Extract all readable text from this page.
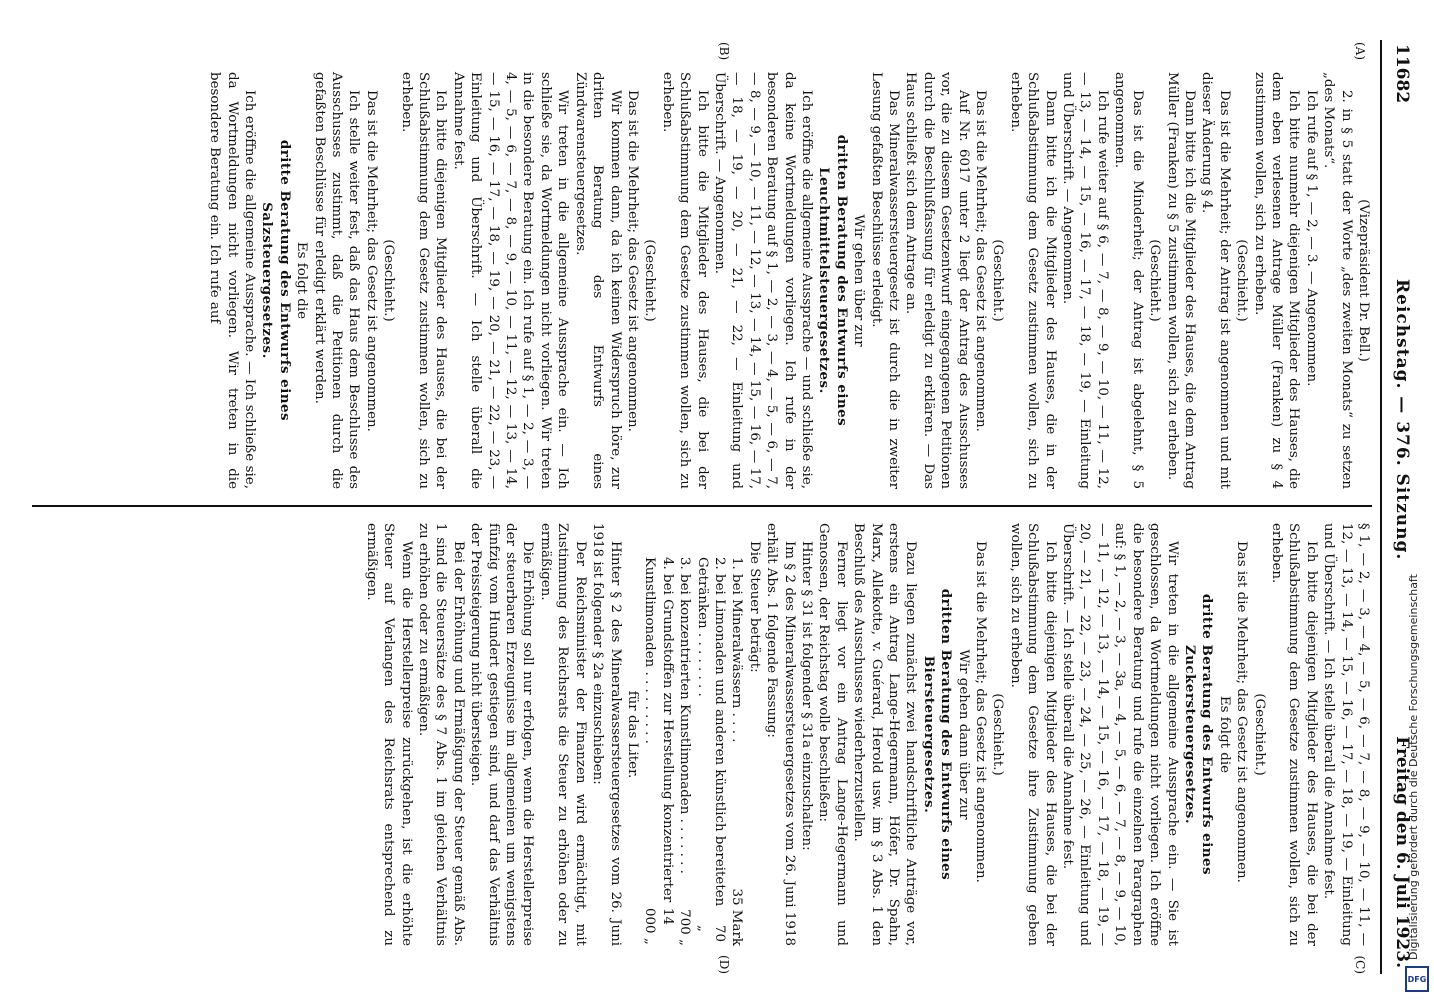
11682
Reichstag. — 376. Sitzung.
Freitag den 6. Juli 1923.
(A)
(B)

(Vizepräsident Dr. Bell.)

2. in § 5 statt der Worte „des zweiten Monats“ zu setzen „des Monats“.

Ich rufe auf § 1, — 2, — 3. — Angenommen.

Ich bitte nunmehr diejenigen Mitglieder des Hauses, die dem eben verlesenen Antrage Müller (Franken) zu § 4 zustimmen wollen, sich zu erheben.

(Geschieht.)

Das ist die Mehrheit; der Antrag ist angenommen und mit dieser Änderung § 4.

Dann bitte ich die Mitglieder des Hauses, die dem Antrag Müller (Franken) zu § 5 zustimmen wollen, sich zu erheben.

(Geschieht.)

Das ist die Minderheit; der Antrag ist abgelehnt, § 5 angenommen.

Ich rufe weiter auf § 6, — 7, — 8, — 9, — 10, — 11, — 12, — 13, — 14, — 15, — 16, — 17, — 18, — 19, — Einleitung und Überschrift. — Angenommen.

Dann bitte ich die Mitglieder des Hauses, die in der Schlußabstimmung dem Gesetz zustimmen wollen, sich zu erheben.

(Geschieht.)

Das ist die Mehrheit; das Gesetz ist angenommen.

Auf Nr. 6017 unter 2 liegt der Antrag des Ausschusses vor, die zu diesem Gesetzentwurf eingegangenen Petitionen durch die Beschlußfassung für erledigt zu erklären. — Das Haus schließt sich dem Antrage an.

Das Mineralwassersteuergesetz ist durch die in zweiter Lesung gefaßten Beschlüsse erledigt.

Wir gehen über zur

dritten Beratung des Entwurfs eines Leuchtmittelsteuergesetzes.

Ich eröffne die allgemeine Aussprache — und schließe sie, da keine Wortmeldungen vorliegen. Ich rufe in der besonderen Beratung auf § 1, — 2, — 3, — 4, — 5, — 6, — 7, — 8, — 9, — 10, — 11, — 12, — 13, — 14, — 15, — 16, — 17, — 18, — 19, — 20, — 21, — 22, — Einleitung und Überschrift. — Angenommen.

Ich bitte die Mitglieder des Hauses, die bei der Schlußabstimmung dem Gesetze zustimmen wollen, sich zu erheben.

(Geschieht.)

Das ist die Mehrheit; das Gesetz ist angenommen.

Wir kommen dann, da ich keinen Widerspruch höre, zur dritten Beratung des Entwurfs eines Zündwarensteuergesetzes.

Wir treten in die allgemeine Aussprache ein. — Ich schließe sie, da Wortmeldungen nicht vorliegen. Wir treten in die besondere Beratung ein. Ich rufe auf § 1, — 2, — 3, — 4, — 5, — 6, — 7, — 8, — 9, — 10, — 11, — 12, — 13, — 14, — 15, — 16, — 17, — 18, — 19, — 20, — 21, — 22, — 23, — Einleitung und Überschrift. — Ich stelle überall die Annahme fest.

Ich bitte diejenigen Mitglieder des Hauses, die bei der Schlußabstimmung dem Gesetz zustimmen wollen, sich zu erheben.

(Geschieht.)

Das ist die Mehrheit; das Gesetz ist angenommen.

Ich stelle weiter fest, daß das Haus dem Beschlusse des Ausschusses zustimmt, daß die Petitionen durch die gefaßten Beschlüsse für erledigt erklärt werden.

Es folgt die

dritte Beratung des Entwurfs eines Salzsteuergesetzes.

Ich eröffne die allgemeine Aussprache. — Ich schließe sie, da Wortmeldungen nicht vorliegen. Wir treten in die besondere Beratung ein. Ich rufe auf

(C)
(D)

§ 1, — 2, — 3, — 4, — 5, — 6, — 7, — 8, — 9, — 10, — 11, — 12, — 13, — 14, — 15, — 16, — 17, — 18, — 19, — Einleitung und Überschrift. — Ich stelle überall die Annahme fest.

Ich bitte diejenigen Mitglieder des Hauses, die bei der Schlußabstimmung dem Gesetze zustimmen wollen, sich zu erheben.

(Geschieht.)

Das ist die Mehrheit; das Gesetz ist angenommen.

Es folgt die

dritte Beratung des Entwurfs eines Zuckersteuergesetzes.

Wir treten in die allgemeine Aussprache ein. — Sie ist geschlossen, da Wortmeldungen nicht vorliegen. Ich eröffne die besondere Beratung und rufe die einzelnen Paragraphen auf: § 1, — 2, — 3, — 3a, — 4, — 5, — 6, — 7, — 8, — 9, — 10, — 11, — 12, — 13, — 14, — 15, — 16, — 17, — 18, — 19, — 20, — 21, — 22, — 23, — 24, — 25, — 26, — Einleitung und Überschrift. — Ich stelle überall die Annahme fest.

Ich bitte diejenigen Mitglieder des Hauses, die bei der Schlußabstimmung dem Gesetze ihre Zustimmung geben wollen, sich zu erheben.

(Geschieht.)

Das ist die Mehrheit; das Gesetz ist angenommen.

Wir gehen dann über zur

dritten Beratung des Entwurfs eines Biersteuergesetzes.

Dazu liegen zunächst zwei handschriftliche Anträge vor, erstens ein Antrag Lange-Hegermann, Höfer, Dr. Spahn, Marx, Allekotte, v. Guérard, Herold usw. im § 3 Abs. 1 den Beschluß des Ausschusses wiederherzustellen.

Ferner liegt vor ein Antrag Lange-Hegermann und Genossen, der Reichstag wolle beschließen:

Hinter § 31 ist folgender § 31a einzuschalten:

Im § 2 des Mineralwassersteuergesetzes vom 26. Juni 1918 erhält Abs. 1 folgende Fassung:

Die Steuer beträgt:

1. bei Mineralwässern . . . .
35 Mark
2. bei Limonaden und anderen künstlich bereiteten Getränken . . . . . . . .
70 „
3. bei konzentrierten Kunstlimonaden . . . . . . .
700 „
4. bei Grundstoffen zur Herstellung konzentrierter Kunstlimonaden . . . . . . . . .
14 000 „

für das Liter.

Hinter § 2 des Mineralwassersteuergesetzes vom 26. Juni 1918 ist folgender § 2a einzuschieben:

Der Reichsminister der Finanzen wird ermächtigt, mit Zustimmung des Reichsrats die Steuer zu erhöhen oder zu ermäßigen.

Die Erhöhung soll nur erfolgen, wenn die Herstellerpreise der steuerbaren Erzeugnisse im allgemeinen um wenigstens fünfzig vom Hundert gestiegen sind, und darf das Verhältnis der Preissteigerung nicht übersteigen.

Bei der Erhöhung und Ermäßigung der Steuer gemäß Abs. 1 sind die Steuersätze des § 7 Abs. 1 im gleichen Verhältnis zu erhöhen oder zu ermäßigen.

Wenn die Herstellerpreise zurückgehen, ist die erhöhte Steuer auf Verlangen des Reichsrats entsprechend zu ermäßigen.

Digitalisierung gefördert durch die Deutsche Forschungsgemeinschaft
DFG
